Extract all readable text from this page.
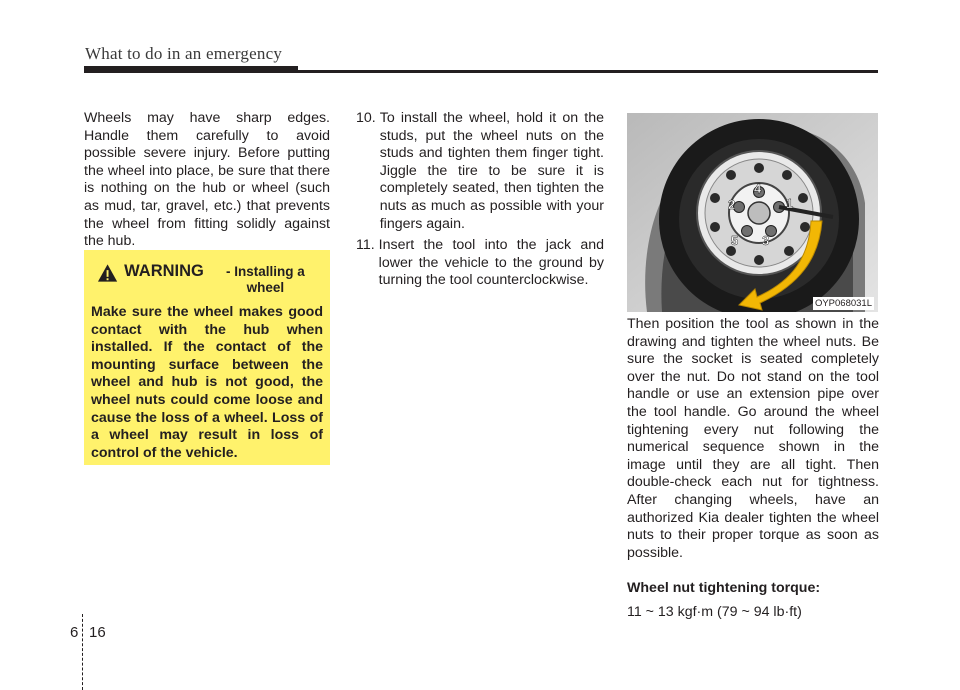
What to do in an emergency
Wheels may have sharp edges. Handle them carefully to avoid possible severe injury. Before putting the wheel into place, be sure that there is nothing on the hub or wheel (such as mud, tar, gravel, etc.) that prevents the wheel from fitting solidly against the hub.
WARNING	- Installing a wheel
Make sure the wheel makes good contact with the hub when installed. If the contact of the mounting surface between the wheel and hub is not good, the wheel nuts could come loose and cause the loss of a wheel. Loss of a wheel may result in loss of control of the vehicle.
10. To install the wheel, hold it on the studs, put the wheel nuts on the studs and tighten them finger tight. Jiggle the tire to be sure it is completely seated, then tighten the nuts as much as possible with your fingers again.
11. Insert the tool into the jack and lower the vehicle to the ground by turning the tool counterclockwise.
1
2
3
4
5
OYP068031L

Then position the tool as shown in the drawing and tighten the wheel nuts. Be sure the socket is seated completely over the nut. Do not stand on the tool handle or use an extension pipe over the tool handle. Go around the wheel tightening every nut following the numerical sequence shown in the image until they are all tight. Then double-check each nut for tightness. After changing wheels, have an authorized Kia dealer tighten the wheel nuts to their proper torque as soon as possible.

Wheel nut tightening torque:

11 ~ 13 kgf·m (79 ~ 94 lb·ft)

6 16
